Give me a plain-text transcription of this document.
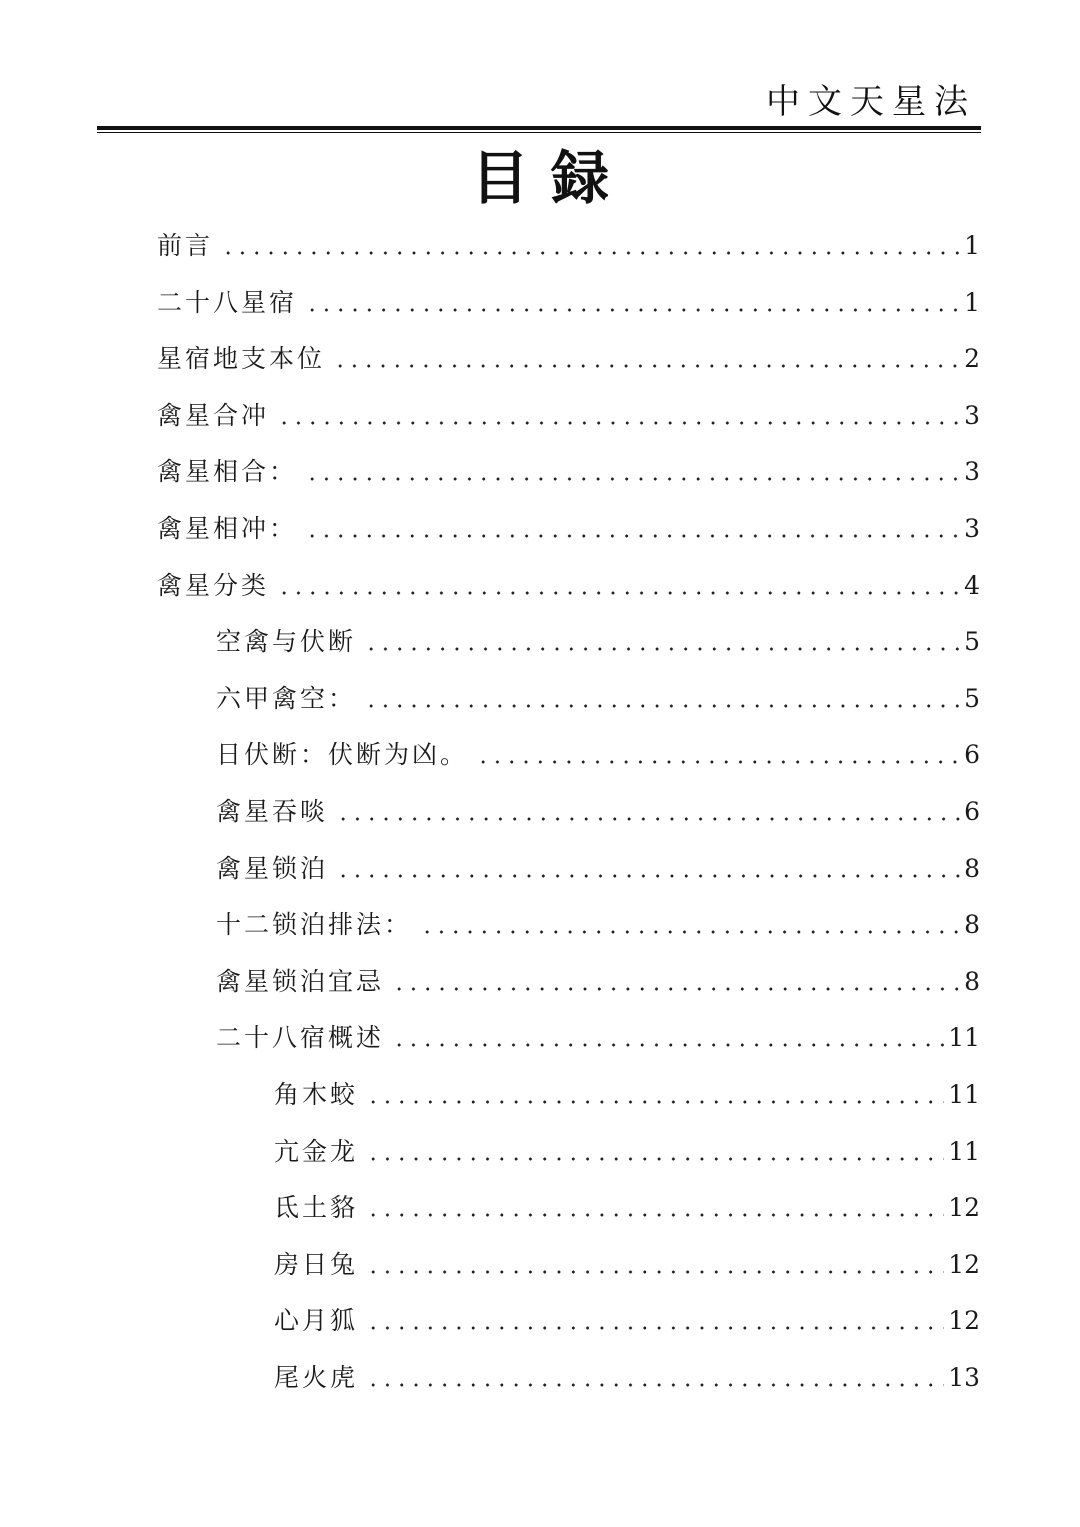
中文天星法
目録
前言	1
二十八星宿	1
星宿地支本位	2
禽星合冲	3
禽星相合：	3
禽星相冲：	3
禽星分类	4
空禽与伏断	5
六甲禽空：	5
日伏断：伏断为凶。	6
禽星吞啖	6
禽星锁泊	8
十二锁泊排法：	8
禽星锁泊宜忌	8
二十八宿概述	11
角木蛟	11
亢金龙	11
氐土貉	12
房日兔	12
心月狐	12
尾火虎	13
